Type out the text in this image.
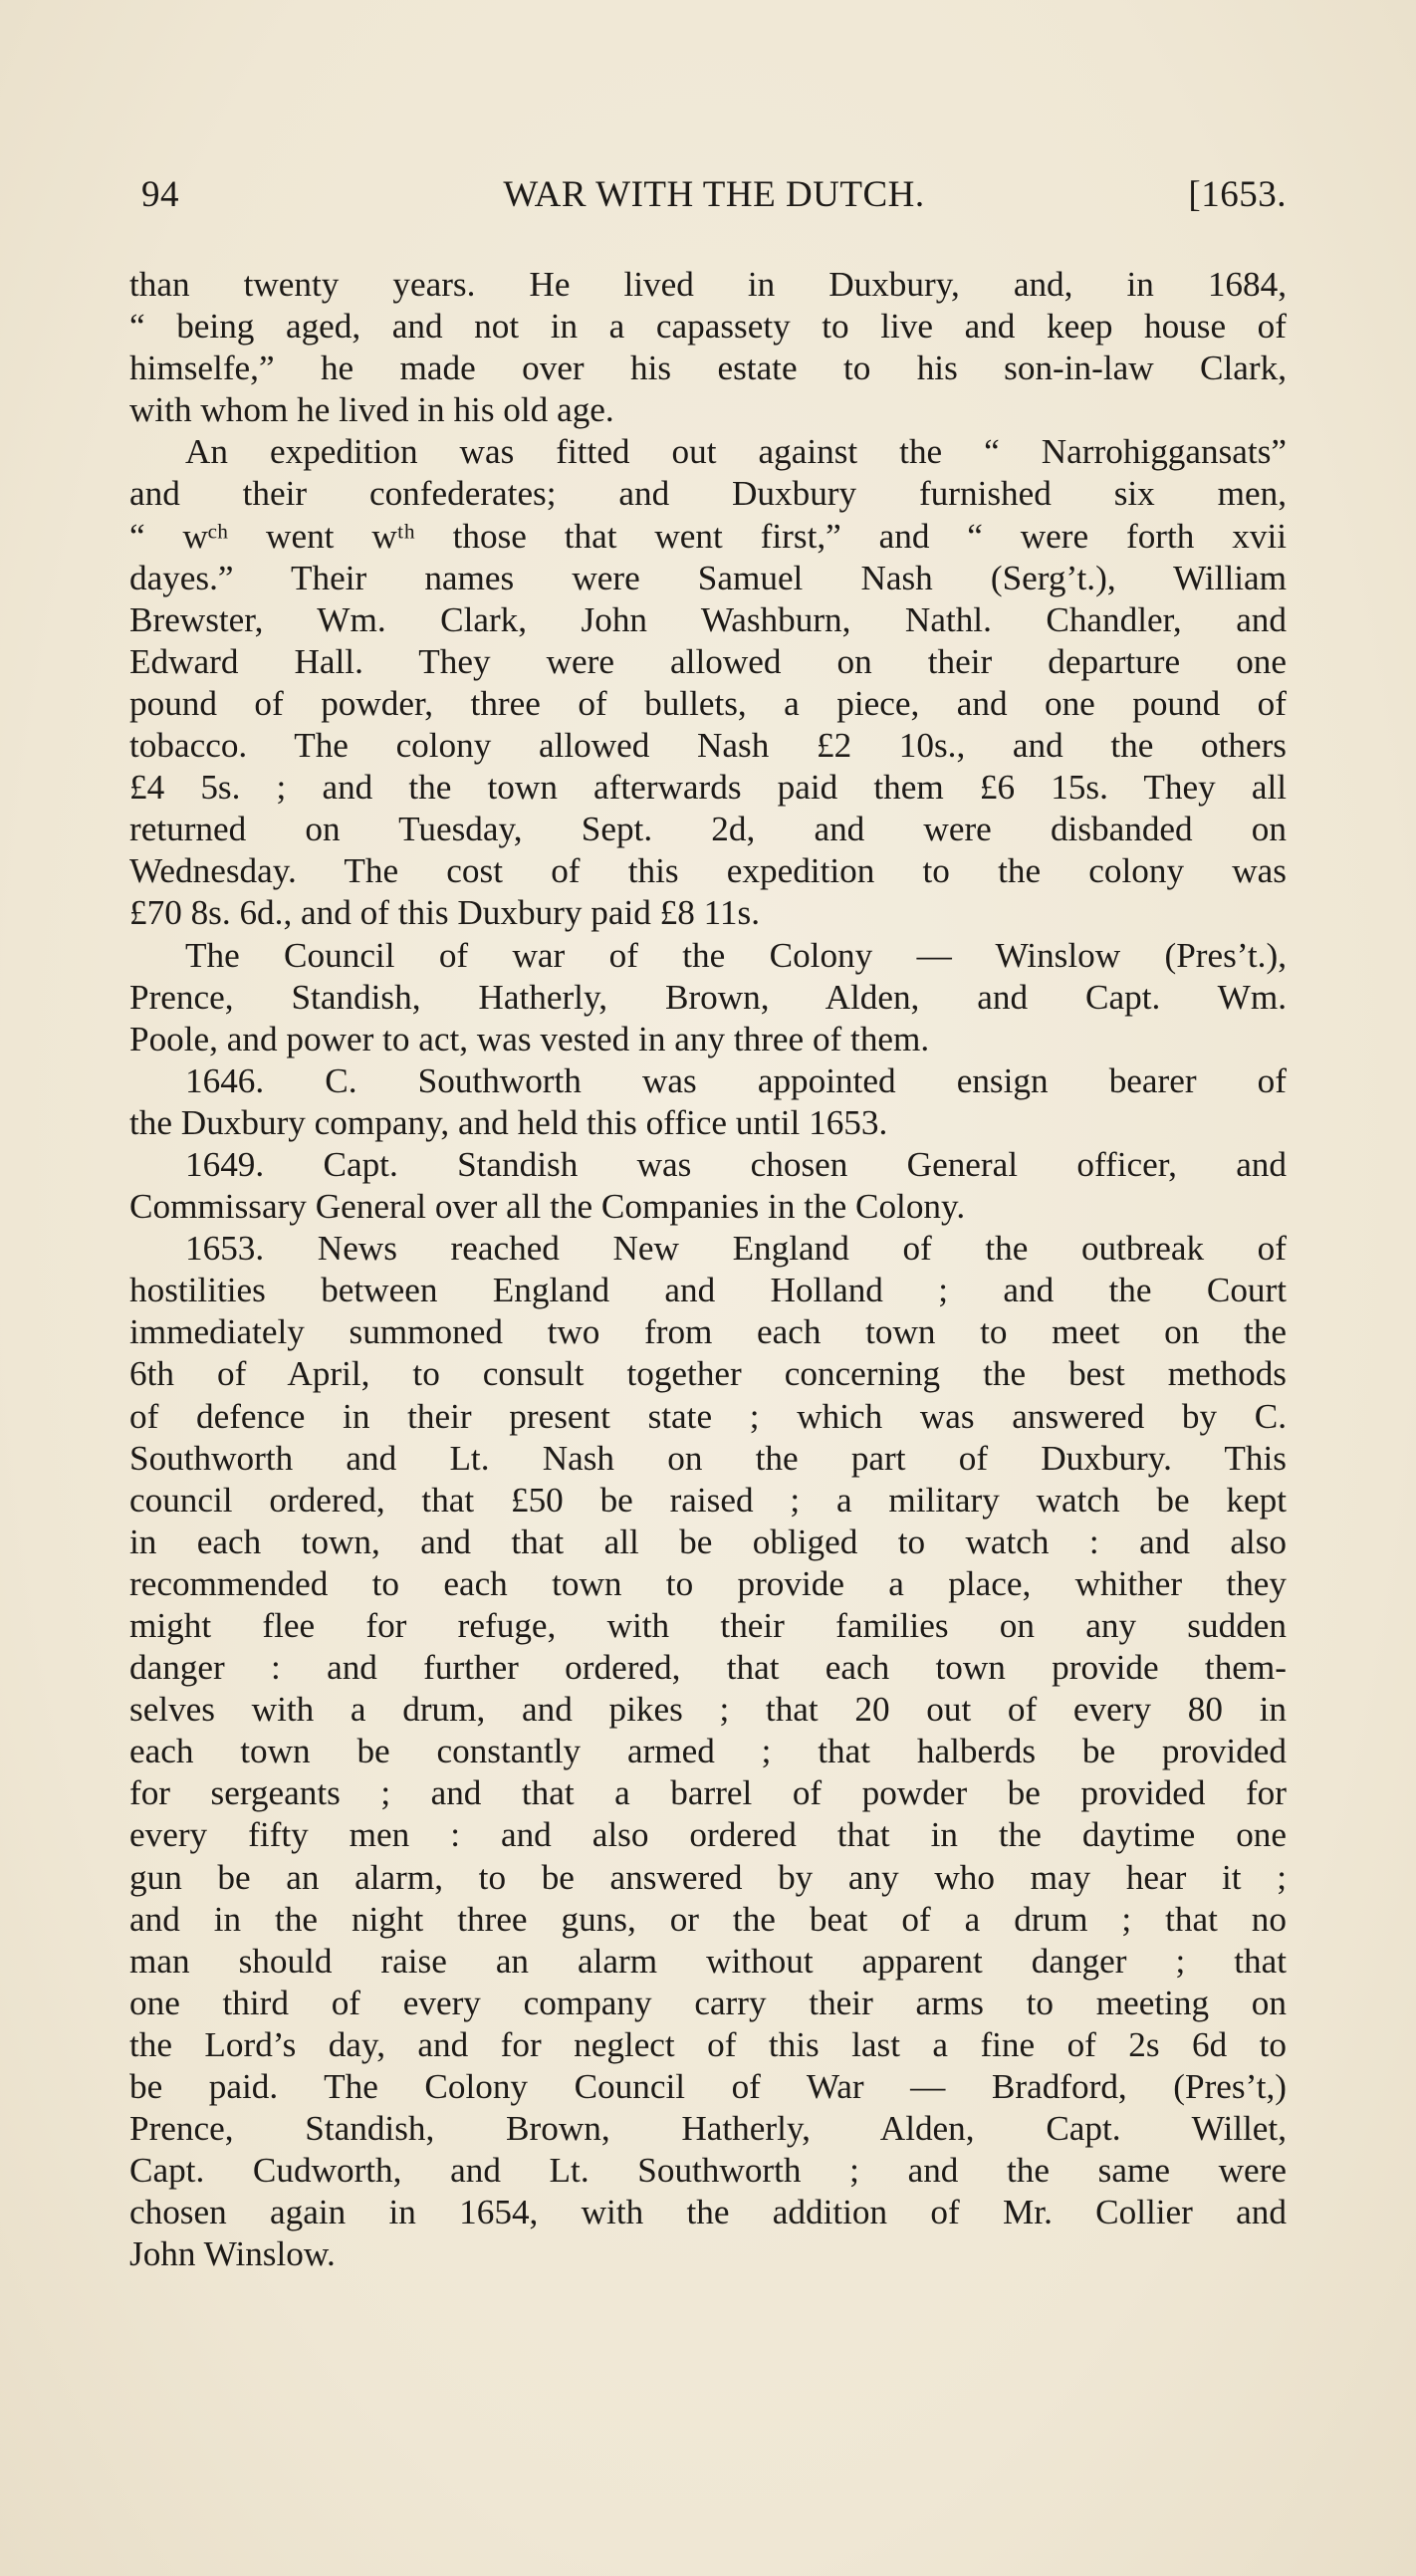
94	WAR WITH THE DUTCH.	[1653.
than twenty years. He lived in Duxbury, and, in 1684,
“ being aged, and not in a capassety to live and keep house of
himselfe,” he made over his estate to his son-in-law Clark,
with whom he lived in his old age.
An expedition was fitted out against the “ Narrohiggansats”
and their confederates; and Duxbury furnished six men,
“ wᶜʰ went wᵗʰ those that went first,” and “ were forth xvii
dayes.” Their names were Samuel Nash (Serg’t.), William
Brewster, Wm. Clark, John Washburn, Nathl. Chandler, and
Edward Hall. They were allowed on their departure one
pound of powder, three of bullets, a piece, and one pound of
tobacco. The colony allowed Nash £2 10s., and the others
£4 5s. ; and the town afterwards paid them £6 15s. They all
returned on Tuesday, Sept. 2d, and were disbanded on
Wednesday. The cost of this expedition to the colony was
£70 8s. 6d., and of this Duxbury paid £8 11s.
The Council of war of the Colony — Winslow (Pres’t.),
Prence, Standish, Hatherly, Brown, Alden, and Capt. Wm.
Poole, and power to act, was vested in any three of them.
1646. C. Southworth was appointed ensign bearer of
the Duxbury company, and held this office until 1653.
1649. Capt. Standish was chosen General officer, and
Commissary General over all the Companies in the Colony.
1653. News reached New England of the outbreak of
hostilities between England and Holland ; and the Court
immediately summoned two from each town to meet on the
6th of April, to consult together concerning the best methods
of defence in their present state ; which was answered by C.
Southworth and Lt. Nash on the part of Duxbury. This
council ordered, that £50 be raised ; a military watch be kept
in each town, and that all be obliged to watch : and also
recommended to each town to provide a place, whither they
might flee for refuge, with their families on any sudden
danger : and further ordered, that each town provide them-
selves with a drum, and pikes ; that 20 out of every 80 in
each town be constantly armed ; that halberds be provided
for sergeants ; and that a barrel of powder be provided for
every fifty men : and also ordered that in the daytime one
gun be an alarm, to be answered by any who may hear it ;
and in the night three guns, or the beat of a drum ; that no
man should raise an alarm without apparent danger ; that
one third of every company carry their arms to meeting on
the Lord’s day, and for neglect of this last a fine of 2s 6d to
be paid. The Colony Council of War — Bradford, (Pres’t,)
Prence, Standish, Brown, Hatherly, Alden, Capt. Willet,
Capt. Cudworth, and Lt. Southworth ; and the same were
chosen again in 1654, with the addition of Mr. Collier and
John Winslow.
